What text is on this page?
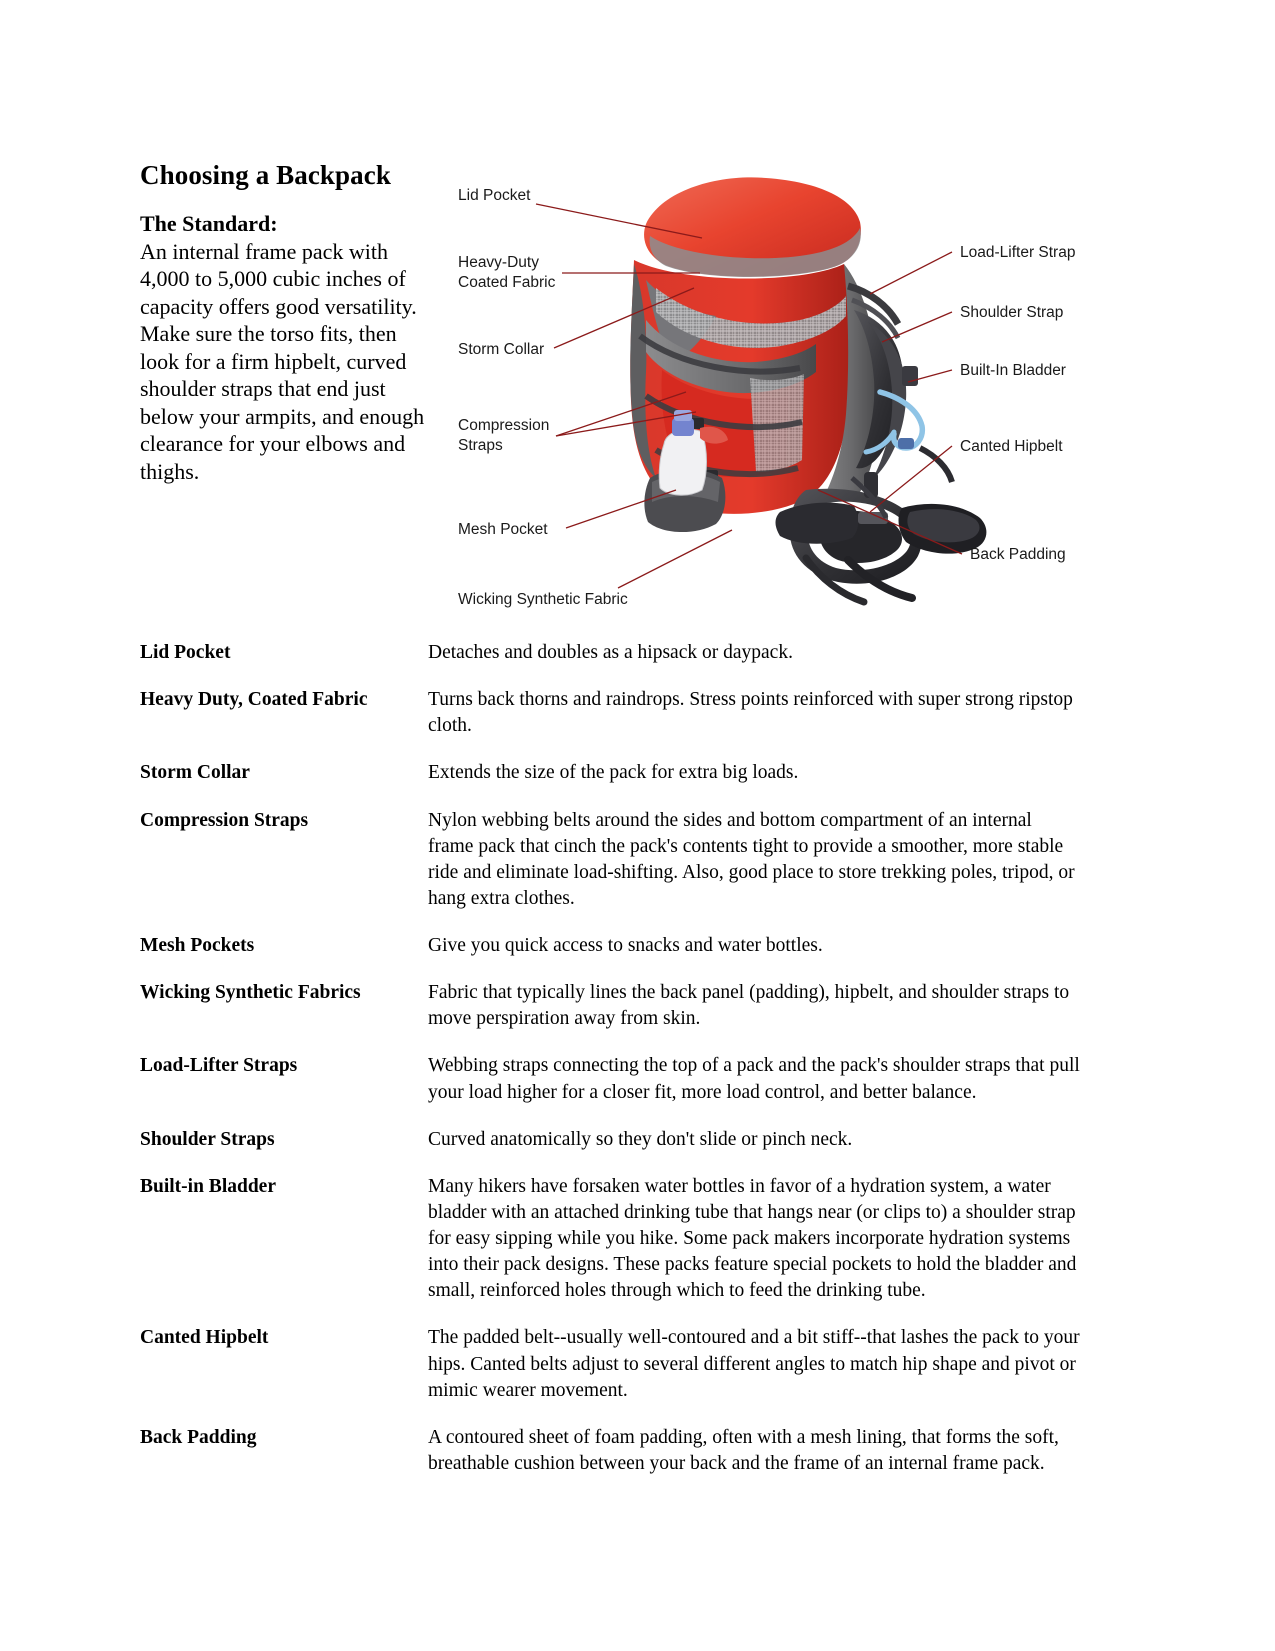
Choosing a Backpack

The Standard:

An internal frame pack with 4,000 to 5,000 cubic inches of capacity offers good versatility. Make sure the torso fits, then look for a firm hipbelt, curved shoulder straps that end just below your armpits, and enough clearance for your elbows and thighs.

Lid Pocket
Heavy-Duty
Coated Fabric
Storm Collar
Compression
Straps
Mesh Pocket
Wicking Synthetic Fabric
Load-Lifter Strap
Shoulder Strap
Built-In Bladder
Canted Hipbelt
Back Padding
Lid Pocket	Detaches and doubles as a hipsack or daypack.
Heavy Duty, Coated Fabric	Turns back thorns and raindrops. Stress points reinforced with super strong ripstop cloth.
Storm Collar	Extends the size of the pack for extra big loads.
Compression Straps	Nylon webbing belts around the sides and bottom compartment of an internal frame pack that cinch the pack's contents tight to provide a smoother, more stable ride and eliminate load-shifting. Also, good place to store trekking poles, tripod, or hang extra clothes.
Mesh Pockets	Give you quick access to snacks and water bottles.
Wicking Synthetic Fabrics	Fabric that typically lines the back panel (padding), hipbelt, and shoulder straps to move perspiration away from skin.
Load-Lifter Straps	Webbing straps connecting the top of a pack and the pack's shoulder straps that pull your load higher for a closer fit, more load control, and better balance.
Shoulder Straps	Curved anatomically so they don't slide or pinch neck.
Built-in Bladder	Many hikers have forsaken water bottles in favor of a hydration system, a water bladder with an attached drinking tube that hangs near (or clips to) a shoulder strap for easy sipping while you hike. Some pack makers incorporate hydration systems into their pack designs. These packs feature special pockets to hold the bladder and small, reinforced holes through which to feed the drinking tube.
Canted Hipbelt	The padded belt--usually well-contoured and a bit stiff--that lashes the pack to your hips. Canted belts adjust to several different angles to match hip shape and pivot or mimic wearer movement.
Back Padding	A contoured sheet of foam padding, often with a mesh lining, that forms the soft, breathable cushion between your back and the frame of an internal frame pack.
